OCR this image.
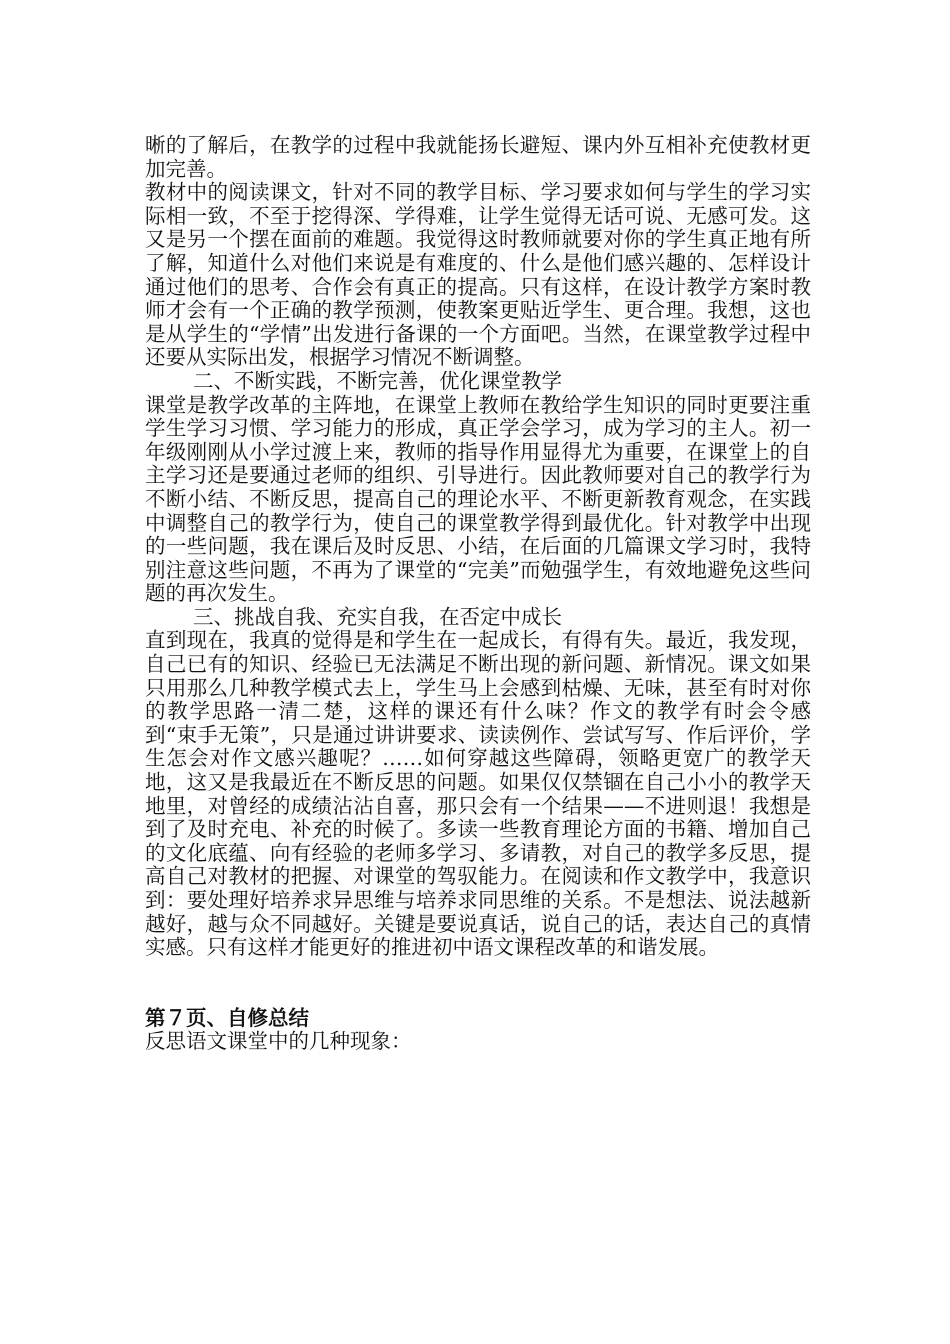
晰的了解后，在教学的过程中我就能扬长避短、课内外互相补充使教材更加完善。

教材中的阅读课文，针对不同的教学目标、学习要求如何与学生的学习实际相一致，不至于挖得深、学得难，让学生觉得无话可说、无感可发。这又是另一个摆在面前的难题。我觉得这时教师就要对你的学生真正地有所了解，知道什么对他们来说是有难度的、什么是他们感兴趣的、怎样设计通过他们的思考、合作会有真正的提高。只有这样，在设计教学方案时教师才会有一个正确的教学预测，使教案更贴近学生、更合理。我想，这也是从学生的“学情”出发进行备课的一个方面吧。当然，在课堂教学过程中还要从实际出发，根据学习情况不断调整。

二、不断实践，不断完善，优化课堂教学

课堂是教学改革的主阵地，在课堂上教师在教给学生知识的同时更要注重学生学习习惯、学习能力的形成，真正学会学习，成为学习的主人。初一年级刚刚从小学过渡上来，教师的指导作用显得尤为重要，在课堂上的自主学习还是要通过老师的组织、引导进行。因此教师要对自己的教学行为不断小结、不断反思，提高自己的理论水平、不断更新教育观念，在实践中调整自己的教学行为，使自己的课堂教学得到最优化。针对教学中出现的一些问题，我在课后及时反思、小结，在后面的几篇课文学习时，我特别注意这些问题，不再为了课堂的“完美”而勉强学生，有效地避免这些问题的再次发生。

三、挑战自我、充实自我，在否定中成长

直到现在，我真的觉得是和学生在一起成长，有得有失。最近，我发现，自己已有的知识、经验已无法满足不断出现的新问题、新情况。课文如果只用那么几种教学模式去上，学生马上会感到枯燥、无味，甚至有时对你的教学思路一清二楚，这样的课还有什么味？作文的教学有时会令感到“束手无策”，只是通过讲讲要求、读读例作、尝试写写、作后评价，学生怎会对作文感兴趣呢？……如何穿越这些障碍，领略更宽广的教学天地，这又是我最近在不断反思的问题。如果仅仅禁锢在自己小小的教学天地里，对曾经的成绩沾沾自喜，那只会有一个结果——不进则退！我想是到了及时充电、补充的时候了。多读一些教育理论方面的书籍、增加自己的文化底蕴、向有经验的老师多学习、多请教，对自己的教学多反思，提高自己对教材的把握、对课堂的驾驭能力。在阅读和作文教学中，我意识到：要处理好培养求异思维与培养求同思维的关系。不是想法、说法越新越好，越与众不同越好。关键是要说真话，说自己的话，表达自己的真情实感。只有这样才能更好的推进初中语文课程改革的和谐发展。

第７页、自修总结

反思语文课堂中的几种现象：
